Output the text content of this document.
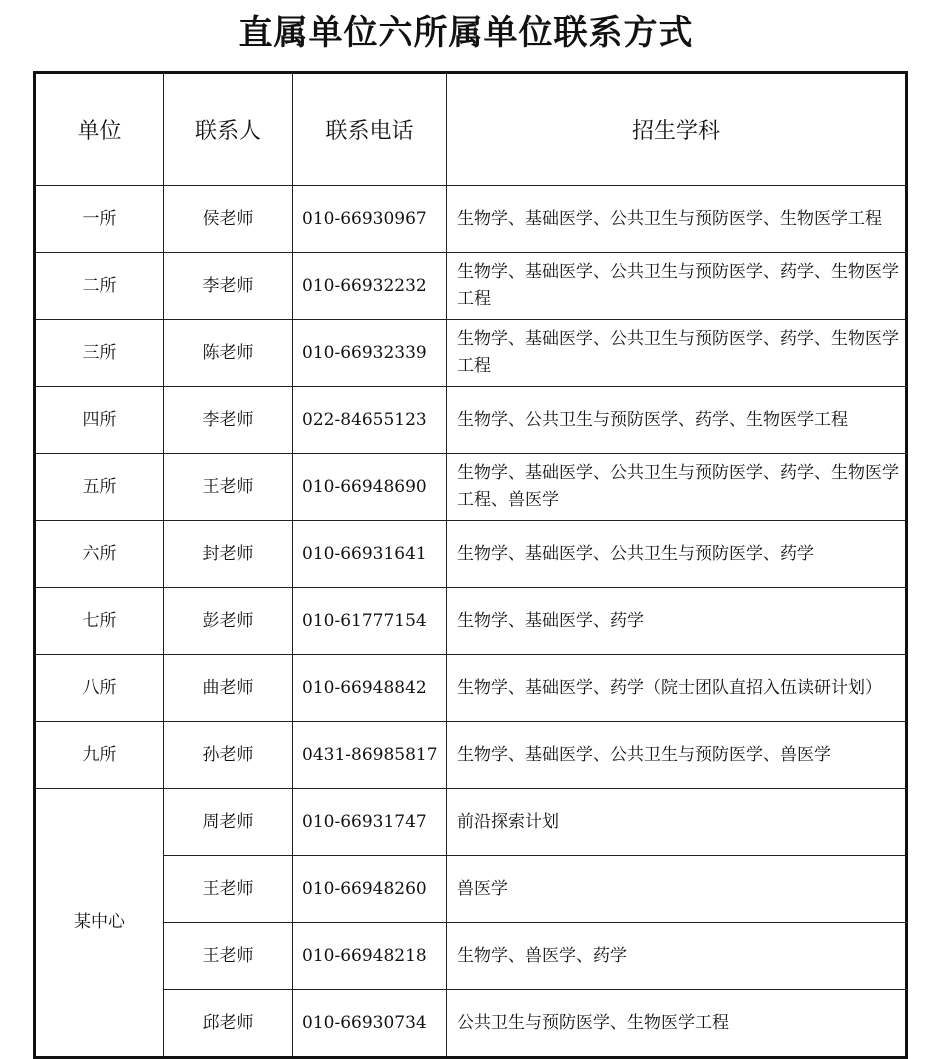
直属单位六所属单位联系方式
单位	联系人	联系电话	招生学科
一所	侯老师	010-66930967	生物学、基础医学、公共卫生与预防医学、生物医学工程
二所	李老师	010-66932232	生物学、基础医学、公共卫生与预防医学、药学、生物医学工程
三所	陈老师	010-66932339	生物学、基础医学、公共卫生与预防医学、药学、生物医学工程
四所	李老师	022-84655123	生物学、公共卫生与预防医学、药学、生物医学工程
五所	王老师	010-66948690	生物学、基础医学、公共卫生与预防医学、药学、生物医学工程、兽医学
六所	封老师	010-66931641	生物学、基础医学、公共卫生与预防医学、药学
七所	彭老师	010-61777154	生物学、基础医学、药学
八所	曲老师	010-66948842	生物学、基础医学、药学（院士团队直招入伍读研计划）
九所	孙老师	0431-86985817	生物学、基础医学、公共卫生与预防医学、兽医学
某中心	周老师	010-66931747	前沿探索计划
	王老师	010-66948260	兽医学
	王老师	010-66948218	生物学、兽医学、药学
	邱老师	010-66930734	公共卫生与预防医学、生物医学工程
